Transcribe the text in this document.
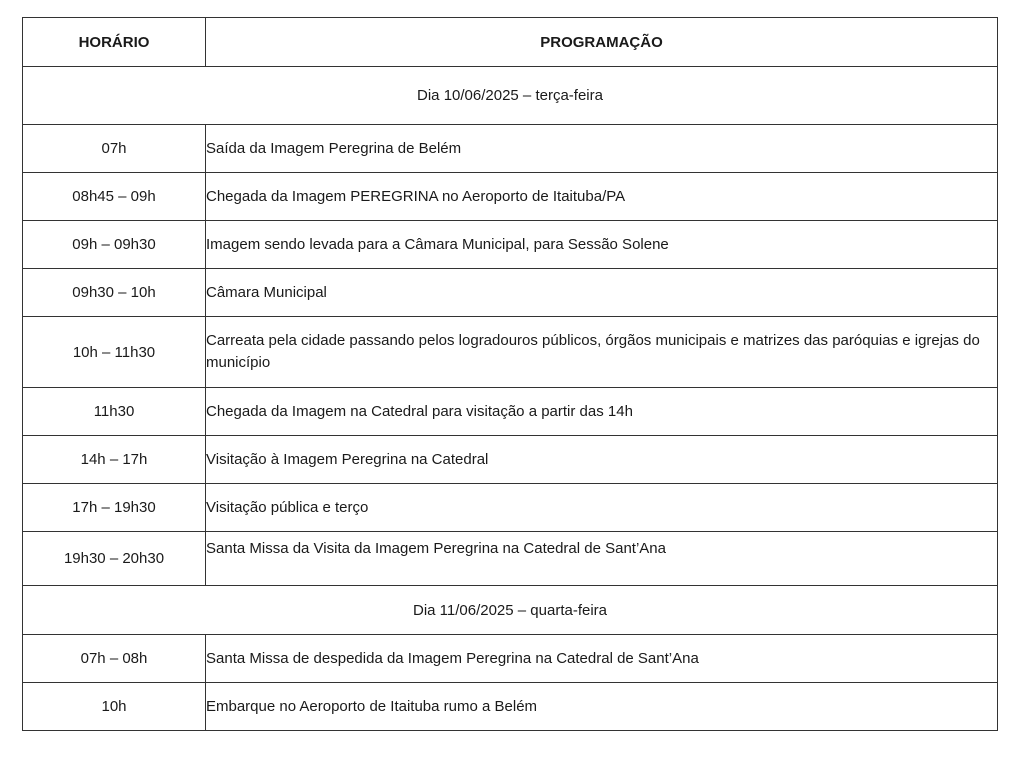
HORÁRIO	PROGRAMAÇÃO
Dia 10/06/2025 – terça-feira	
07h	Saída da Imagem Peregrina de Belém
08h45 – 09h	Chegada da Imagem PEREGRINA no Aeroporto de Itaituba/PA
09h – 09h30	Imagem sendo levada para a Câmara Municipal, para Sessão Solene
09h30 – 10h	Câmara Municipal
10h – 11h30	Carreata pela cidade passando pelos logradouros públicos, órgãos municipais e matrizes das paróquias e igrejas do município
11h30	Chegada da Imagem na Catedral para visitação a partir das 14h
14h – 17h	Visitação à Imagem Peregrina na Catedral
17h – 19h30	Visitação pública e terço
19h30 – 20h30	Santa Missa da Visita da Imagem Peregrina na Catedral de Sant’Ana
Dia 11/06/2025 – quarta-feira	
07h – 08h	Santa Missa de despedida da Imagem Peregrina na Catedral de Sant’Ana
10h	Embarque no Aeroporto de Itaituba rumo a Belém
